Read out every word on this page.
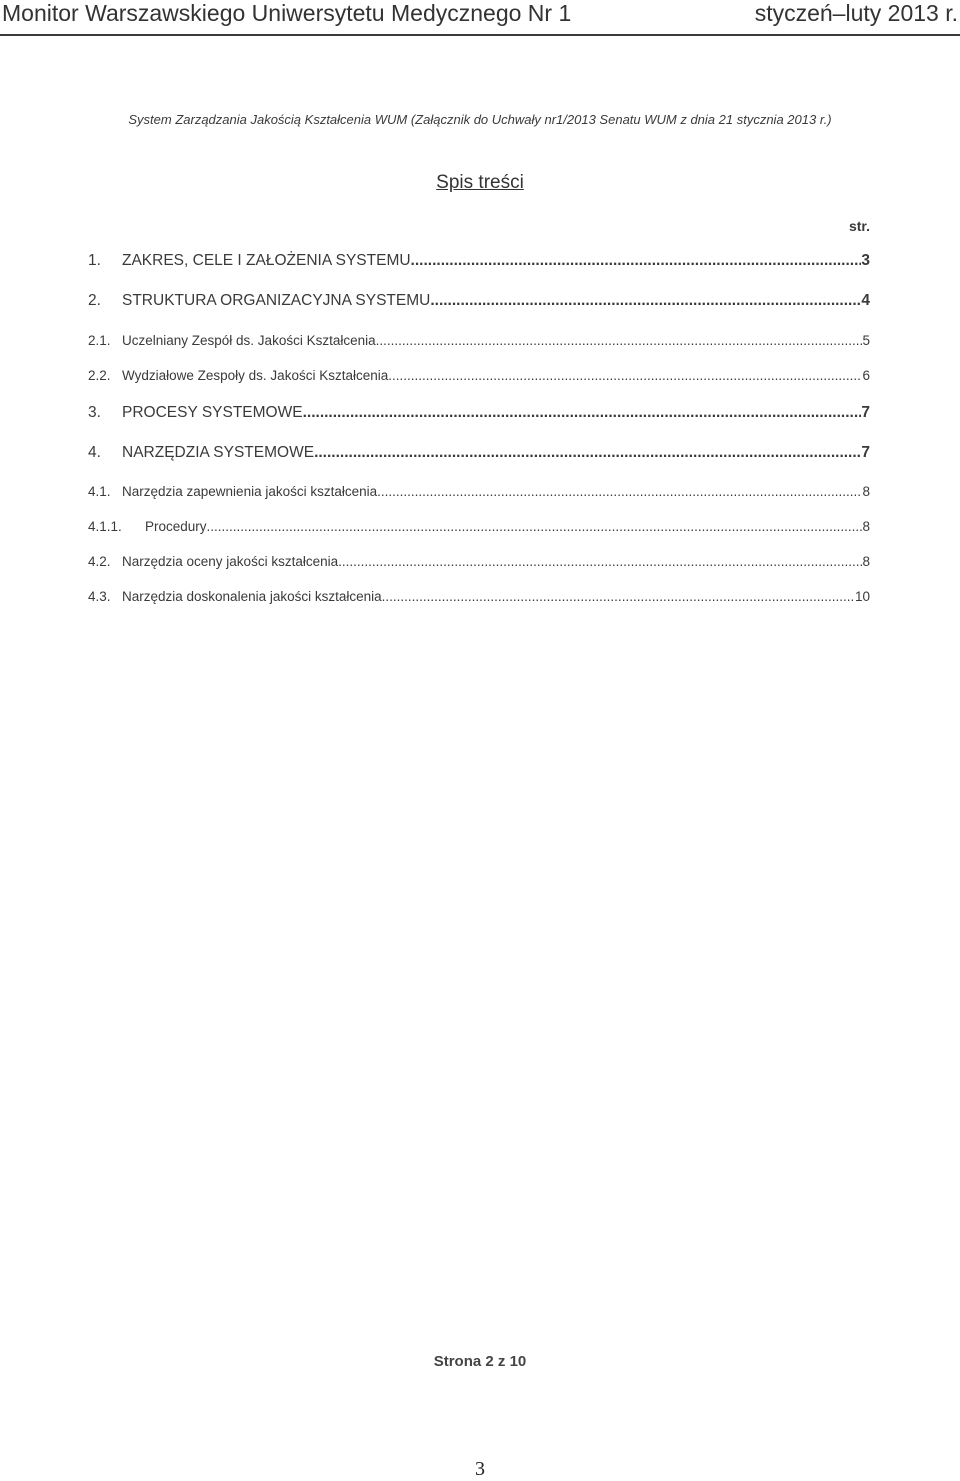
Monitor Warszawskiego Uniwersytetu Medycznego Nr 1	styczeń–luty 2013 r.
System Zarządzania Jakością Kształcenia WUM (Załącznik do Uchwały nr1/2013 Senatu WUM z dnia 21 stycznia 2013 r.)
Spis treści
str.
1.	ZAKRES, CELE I ZAŁOŻENIA SYSTEMU .....	3
2.	STRUKTURA ORGANIZACYJNA SYSTEMU .....	4
2.1. Uczelniany Zespół ds. Jakości Kształcenia .....	5
2.2. Wydziałowe Zespoły ds. Jakości Kształcenia .....	6
3.	PROCESY SYSTEMOWE .....	7
4.	NARZĘDZIA SYSTEMOWE .....	7
4.1. Narzędzia zapewnienia jakości kształcenia .....	8
4.1.1.	Procedury .....	8
4.2. Narzędzia oceny jakości kształcenia .....	8
4.3. Narzędzia doskonalenia jakości kształcenia .....	10
Strona 2 z 10
3
